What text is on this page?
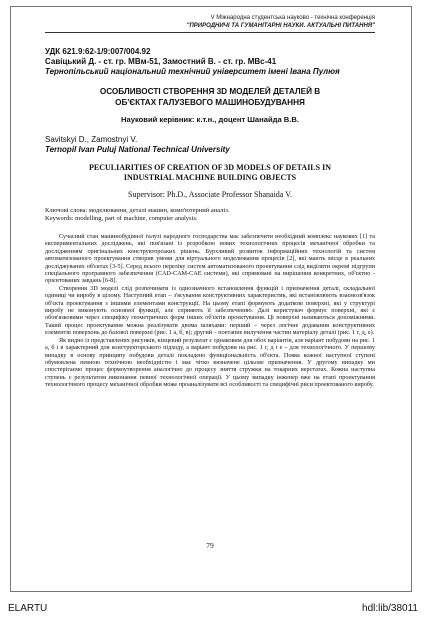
V Міжнародна студентська науково - технічна конференція
"ПРИРОДНИЧІ ТА ГУМАНІТАРНІ НАУКИ. АКТУАЛЬНІ ПИТАННЯ"
УДК 621.9:62-1/9:007/004.92
Савіцький Д. - ст. гр. МВм-51, Замостний В. - ст. гр. МВс-41
Тернопільський національний технічний університет імені Івана Пулюя
ОСОБЛИВОСТІ СТВОРЕННЯ 3D МОДЕЛЕЙ ДЕТАЛЕЙ В
ОБ'ЄКТАХ ГАЛУЗЕВОГО МАШИНОБУДУВАННЯ
Науковий керівник: к.т.н., доцент Шанайда В.В.
Savitskyi D., Zamostnyi V.
Ternopil Ivan Puluj National Technical University
PECULIARITIES OF CREATION OF 3D MODELS OF DETAILS IN
INDUSTRIAL MACHINE BUILDING OBJECTS
Supervisor: Ph.D., Associate Professor Shanaida V.
Ключові слова: моделювання, деталі машин, комп'ютерний аналіз.
Keywords: modelling, part of machine, computer analysis.

Сучасний стан машинобудівної галузі народного господарства має забезпечити необхідний комплекс наукових [1] та експериментальних досліджень, які пов'язані із розробкою нових технологічних процесів механічної обробки та дослідженням оригінальних конструкторських рішень. Бурхливий розвиток інформаційних технологій та систем автоматизованого проектування створив умови для віртуального моделювання процесів [2], які мають місце в реальних досліджуваних об'єктах [3-5]. Серед всього переліку систем автоматизованого проектування слід виділити окремі підгрупи спеціального програмного забезпечення (CAD-CAM-CAE системи), які спрямовані на вирішення конкретних, об'єктно - орієнтованих завдань [6-8].

Створення 3D моделі слід розпочинати із однозначного встановлення функцій і призначення деталі, складальної одиниці чи виробу в цілому. Наступний етап – з'ясування конструктивних характеристик, які встановлюють взаємозв'язок об'єкта проектування з іншими елементами конструкції. На цьому етапі формують додаткові поверхні, які у структурі виробу не виконують основної функції, але сприяють її забезпеченню. Далі користувач формує поверхні, які є обов'язковими через специфіку геометричних форм інших об'єктів проектування. Ці поверхні називаються допоміжними. Такий процес проектування можна реалізувати двома шляхами: перший – через логічне додавання конструктивних елементів поверхонь до базової поверхні (рис. 1 а, б, в); другий – поетапне вилучення частин матеріалу деталі (рис. 1 г, д, е).

Як видно із представлених рисунків, кінцевий результат є однаковим для обох варіантів, але варіант побудови на рис. 1 а, б і в характерний для конструкторського підходу, а варіант побудови на рис. 1 г, д і е – для технологічного. У першому випадку в основу принципу побудови деталі покладено функціональність об'єкта. Поява кожної наступної ступені обумовлена певною технічною необхідністю і має чітко визначене цільове призначення. У другому випадку ми спостерігаємо процес формоутворення аналогічно до процесу зняття стружки на токарних верстатах. Кожна наступна ступень є результатом виконання певної технологічної операції. У цьому випадку інженер вже на етапі проектування технологічного процесу механічної обробки може проаналізувати всі особливості та специфічні риси проектованого виробу.

79
ELARTU	hdl:lib/38011
